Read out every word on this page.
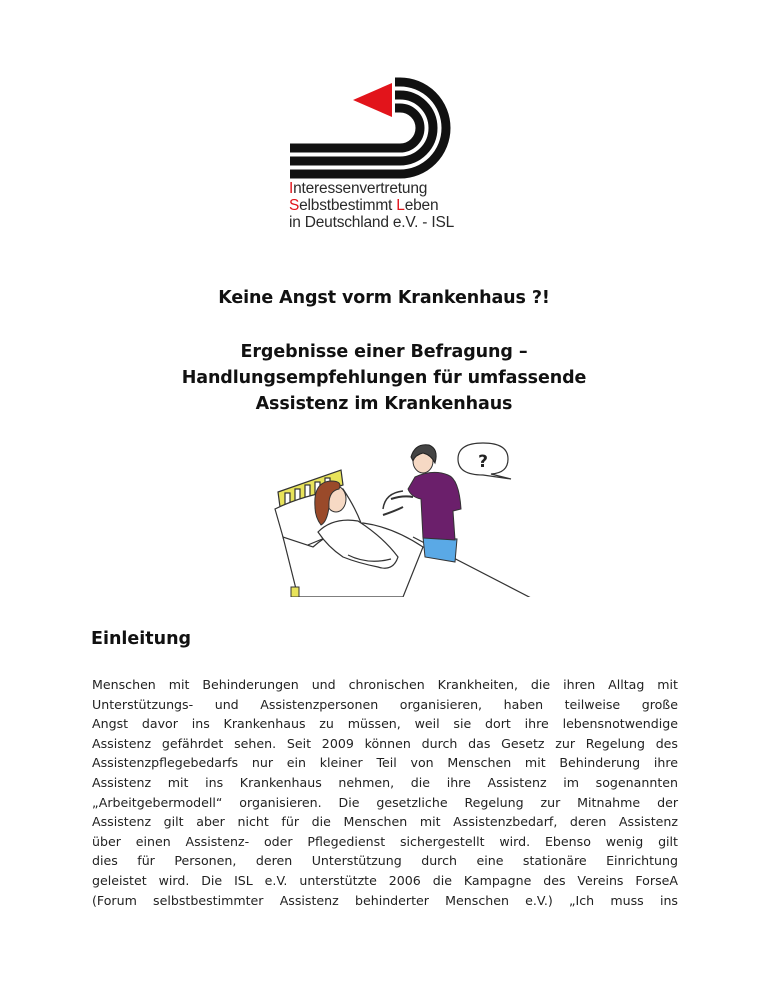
Interessenvertretung
Selbstbestimmt Leben
in Deutschland e.V. - ISL
Keine Angst vorm Krankenhaus ?!
Ergebnisse einer Befragung –
Handlungsempfehlungen für umfassende
Assistenz im Krankenhaus
?
Einleitung
Menschen mit Behinderungen und chronischen Krankheiten, die ihren Alltag mit
Unterstützungs- und Assistenzpersonen organisieren, haben teilweise große
Angst davor ins Krankenhaus zu müssen, weil sie dort ihre lebensnotwendige
Assistenz gefährdet sehen. Seit 2009 können durch das Gesetz zur Regelung des
Assistenzpflegebedarfs nur ein kleiner Teil von Menschen mit Behinderung ihre
Assistenz mit ins Krankenhaus nehmen, die ihre Assistenz im sogenannten
„Arbeitgebermodell“ organisieren. Die gesetzliche Regelung zur Mitnahme der
Assistenz gilt aber nicht für die Menschen mit Assistenzbedarf, deren Assistenz
über einen Assistenz- oder Pflegedienst sichergestellt wird. Ebenso wenig gilt
dies für Personen, deren Unterstützung durch eine stationäre Einrichtung
geleistet wird. Die ISL e.V. unterstützte 2006 die Kampagne des Vereins ForseA
(Forum selbstbestimmter Assistenz behinderter Menschen e.V.) „Ich muss ins
